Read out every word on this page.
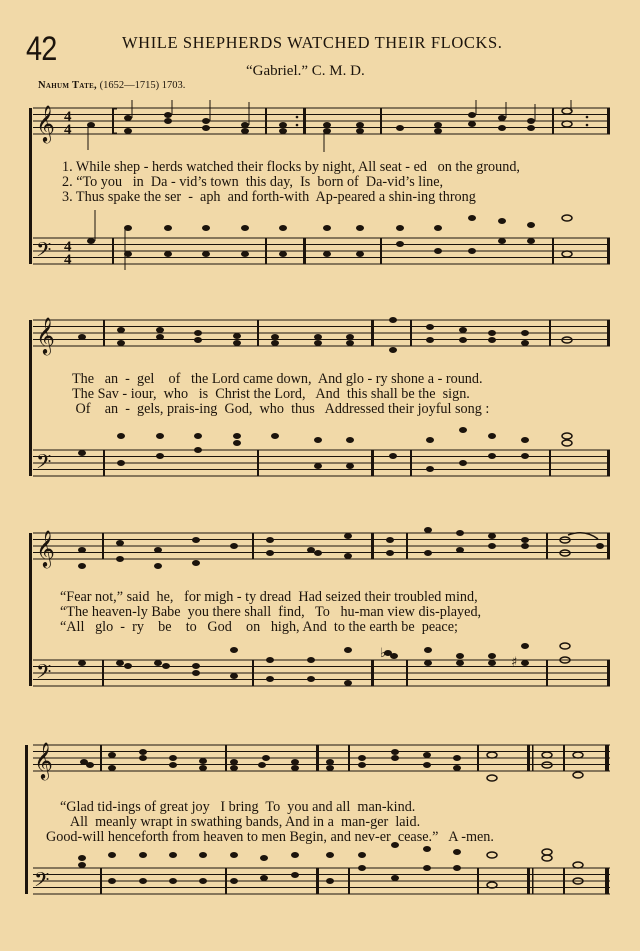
42	WHILE SHEPHERDS WATCHED THEIR FLOCKS.
“Gabriel.” C. M. D.
Nahum Tate, (1652—1715) 1703.
𝄞
𝄢
4
4
4
4
1. While shep - herds watched their flocks by night, All seat - ed   on the ground,
2. “To you   in  Da - vid’s town  this day,  Is  born of  Da-vid’s line,
3. Thus spake the ser  -  aph  and forth-with  Ap-peared a shin-ing throng
𝄞
𝄢
The   an  -  gel    of   the Lord came down,  And glo - ry shone a - round.
The Sav - iour,  who   is  Christ the Lord,   And  this shall be the  sign.
Of    an  -  gels, prais-ing  God,  who  thus   Addressed their joyful song :
𝄞
𝄢
♭
♯
“Fear not,” said  he,   for migh - ty dread  Had seized their troubled mind,
“The heaven-ly Babe  you there shall  find,   To   hu-man view dis-played,
“All   glo  -  ry    be    to   God    on   high, And  to the earth be  peace;
𝄞
𝄢
“Glad tid-ings of great joy   I bring  To  you and all  man-kind.
All  meanly wrapt in swathing bands, And in a  man-ger  laid.
Good-will henceforth from heaven to men Begin, and nev-er  cease.”   A -men.
